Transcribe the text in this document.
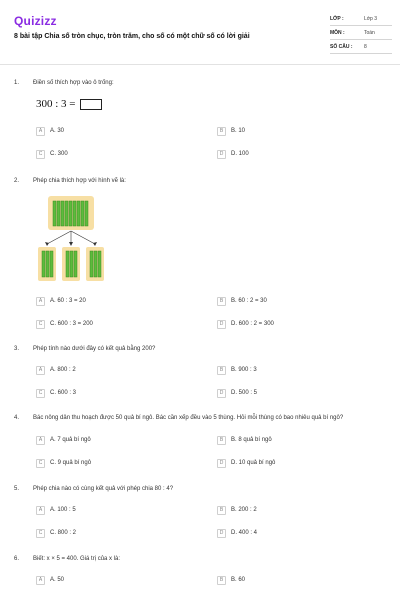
Quizizz
8 bài tập Chia số tròn chục, tròn trăm, cho số có một chữ số có lời giải
LỚP :	Lớp 3
MÔN :	Toán
SỐ CÂU :	8
1. Điền số thích hợp vào ô trống:
300 : 3 =
A	A. 30	B	B. 10
C	C. 300	D	D. 100
2. Phép chia thích hợp với hình vẽ là:
A	A. 60 : 3 = 20	B	B. 60 : 2 = 30
C	C. 600 : 3 = 200	D	D. 600 : 2 = 300
3. Phép tính nào dưới đây có kết quả bằng 200?
A	A. 800 : 2	B	B. 900 : 3
C	C. 600 : 3	D	D. 500 : 5
4. Bác nông dân thu hoạch được 50 quả bí ngô. Bác cần xếp đều vào 5 thùng. Hỏi mỗi thùng có bao nhiêu quả bí ngô?
A	A. 7 quả bí ngô	B	B. 8 quả bí ngô
C	C. 9 quả bí ngô	D	D. 10 quả bí ngô
5. Phép chia nào có cùng kết quả với phép chia 80 : 4?
A	A. 100 : 5	B	B. 200 : 2
C	C. 800 : 2	D	D. 400 : 4
6. Biết: x × 5 = 400. Giá trị của x là:
A	A. 50	B	B. 60
